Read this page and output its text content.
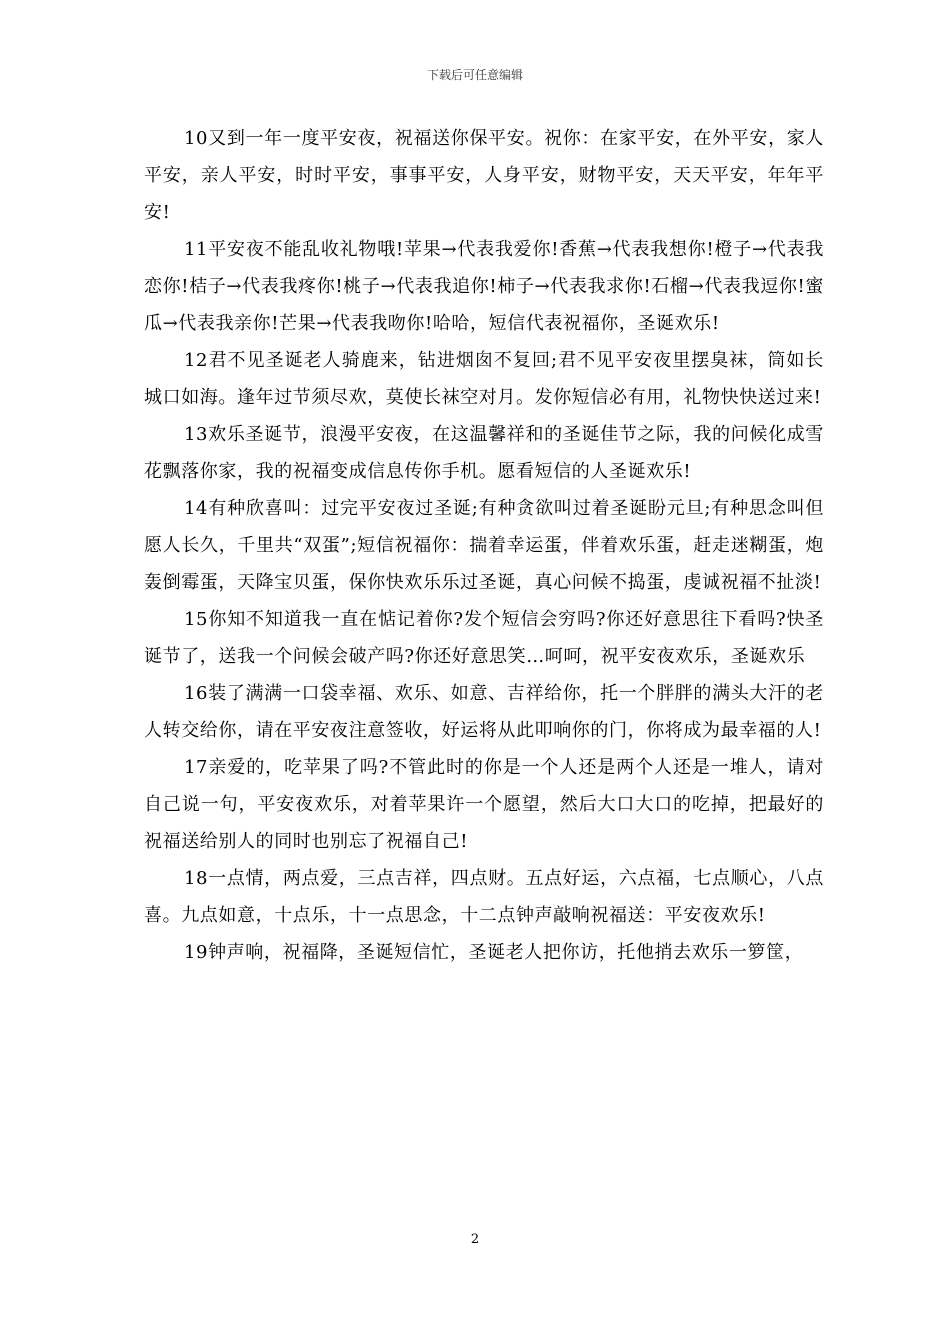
下载后可任意编辑

10又到一年一度平安夜，祝福送你保平安。祝你：在家平安，在外平安，家人平安，亲人平安，时时平安，事事平安，人身平安，财物平安，天天平安，年年平安!

11平安夜不能乱收礼物哦!苹果→代表我爱你!香蕉→代表我想你!橙子→代表我恋你!桔子→代表我疼你!桃子→代表我追你!柿子→代表我求你!石榴→代表我逗你!蜜瓜→代表我亲你!芒果→代表我吻你!哈哈，短信代表祝福你，圣诞欢乐!

12君不见圣诞老人骑鹿来，钻进烟囱不复回;君不见平安夜里摆臭袜，筒如长城口如海。逢年过节须尽欢，莫使长袜空对月。发你短信必有用，礼物快快送过来!

13欢乐圣诞节，浪漫平安夜，在这温馨祥和的圣诞佳节之际，我的问候化成雪花飘落你家，我的祝福变成信息传你手机。愿看短信的人圣诞欢乐!

14有种欣喜叫：过完平安夜过圣诞;有种贪欲叫过着圣诞盼元旦;有种思念叫但愿人长久，千里共“双蛋”;短信祝福你：揣着幸运蛋，伴着欢乐蛋，赶走迷糊蛋，炮轰倒霉蛋，天降宝贝蛋，保你快欢乐乐过圣诞，真心问候不捣蛋，虔诚祝福不扯淡!

15你知不知道我一直在惦记着你?发个短信会穷吗?你还好意思往下看吗?快圣诞节了，送我一个问候会破产吗?你还好意思笑…呵呵，祝平安夜欢乐，圣诞欢乐

16装了满满一口袋幸福、欢乐、如意、吉祥给你，托一个胖胖的满头大汗的老人转交给你，请在平安夜注意签收，好运将从此叩响你的门，你将成为最幸福的人!

17亲爱的，吃苹果了吗?不管此时的你是一个人还是两个人还是一堆人，请对自己说一句，平安夜欢乐，对着苹果许一个愿望，然后大口大口的吃掉，把最好的祝福送给别人的同时也别忘了祝福自己!

18一点情，两点爱，三点吉祥，四点财。五点好运，六点福，七点顺心，八点喜。九点如意，十点乐，十一点思念，十二点钟声敲响祝福送：平安夜欢乐!

19钟声响，祝福降，圣诞短信忙，圣诞老人把你访，托他捎去欢乐一箩筐，

2
